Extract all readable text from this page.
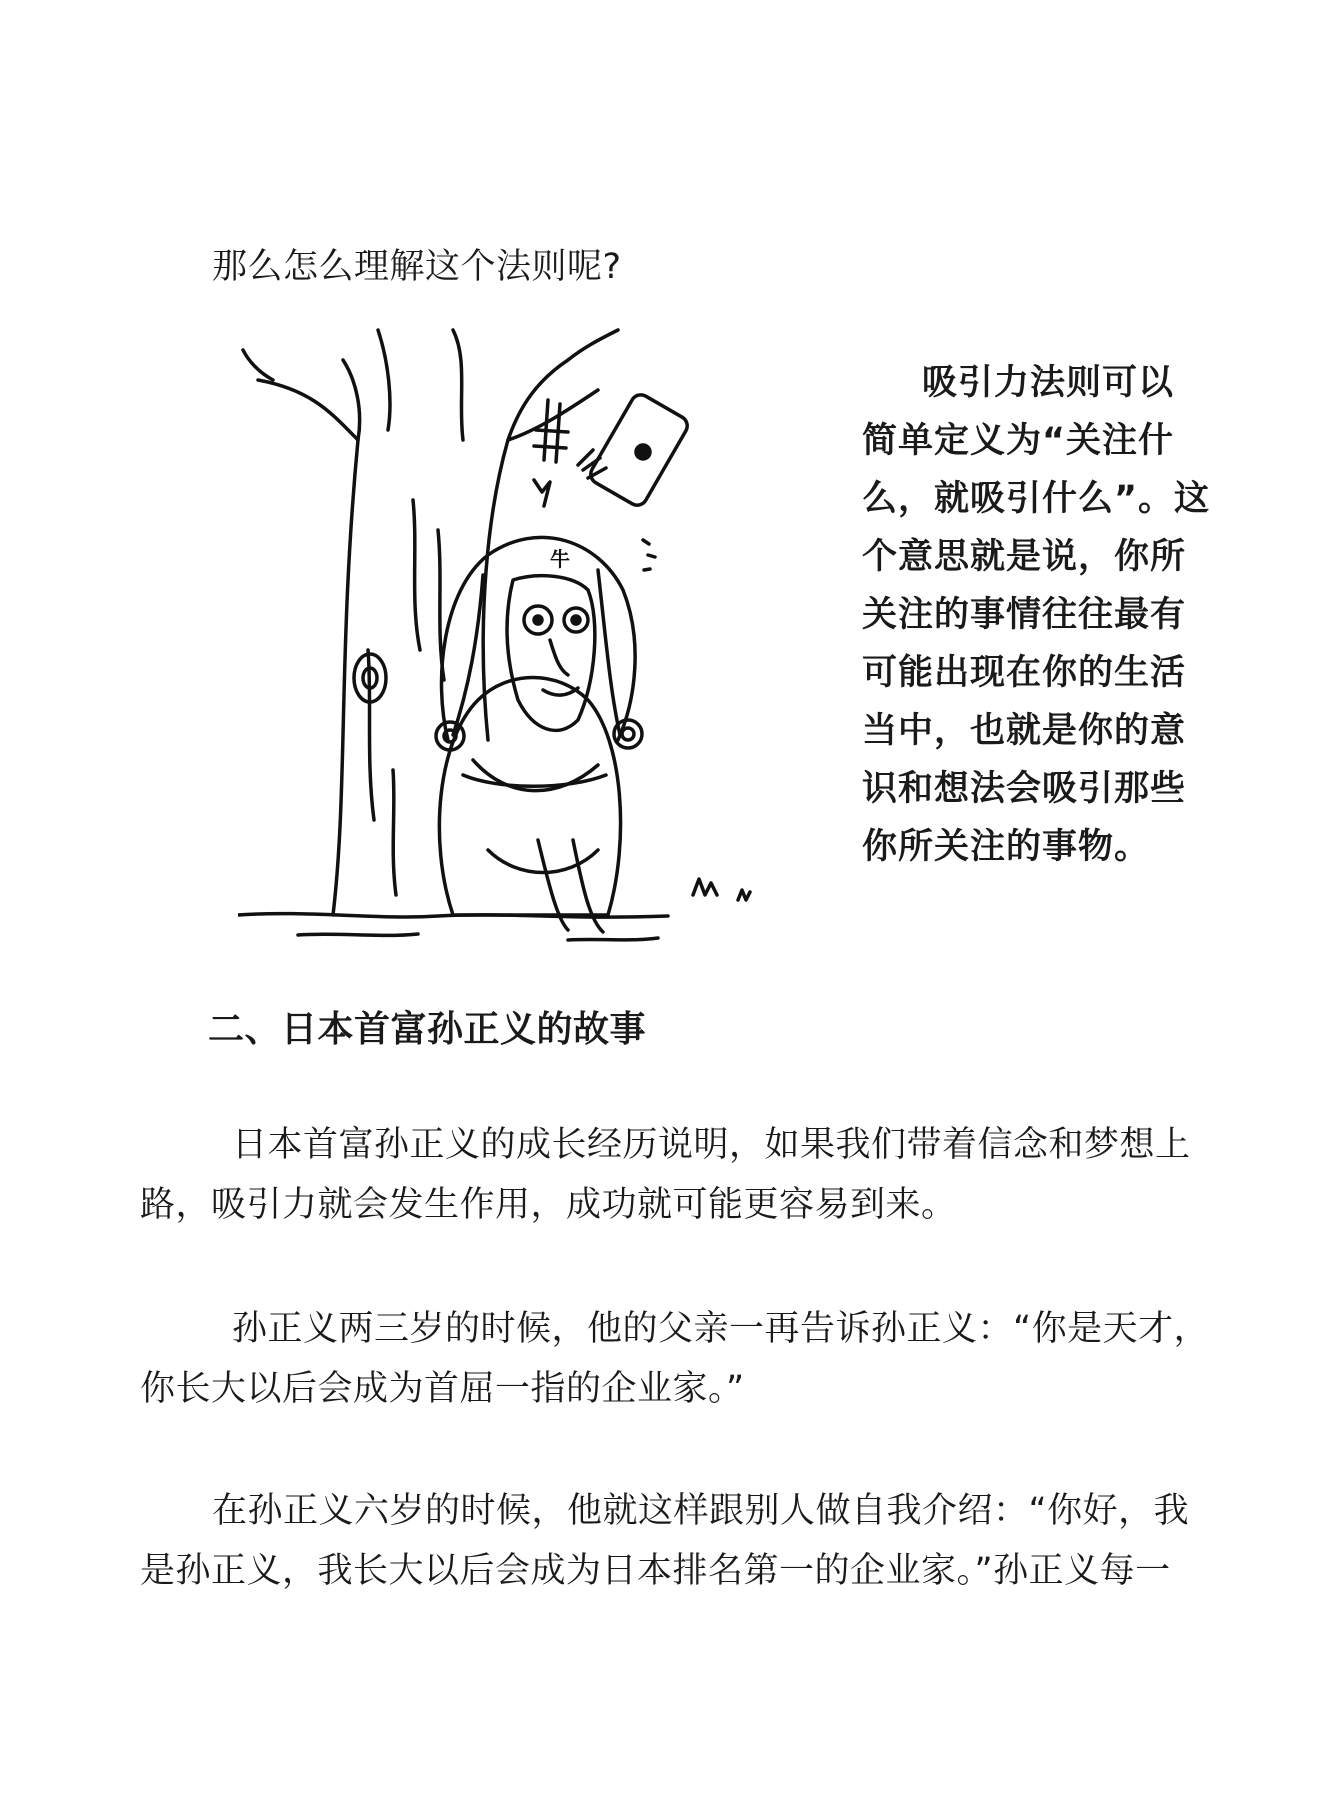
那么怎么理解这个法则呢?
牛
吸引力法则可以
简单定义为“关注什
么，就吸引什么”。这
个意思就是说，你所
关注的事情往往最有
可能出现在你的生活
当中，也就是你的意
识和想法会吸引那些
你所关注的事物。
二、日本首富孙正义的故事
日本首富孙正义的成长经历说明，如果我们带着信念和梦想上
路，吸引力就会发生作用，成功就可能更容易到来。
孙正义两三岁的时候，他的父亲一再告诉孙正义：“你是天才，
你长大以后会成为首屈一指的企业家。”
在孙正义六岁的时候，他就这样跟别人做自我介绍：“你好，我
是孙正义，我长大以后会成为日本排名第一的企业家。”孙正义每一
